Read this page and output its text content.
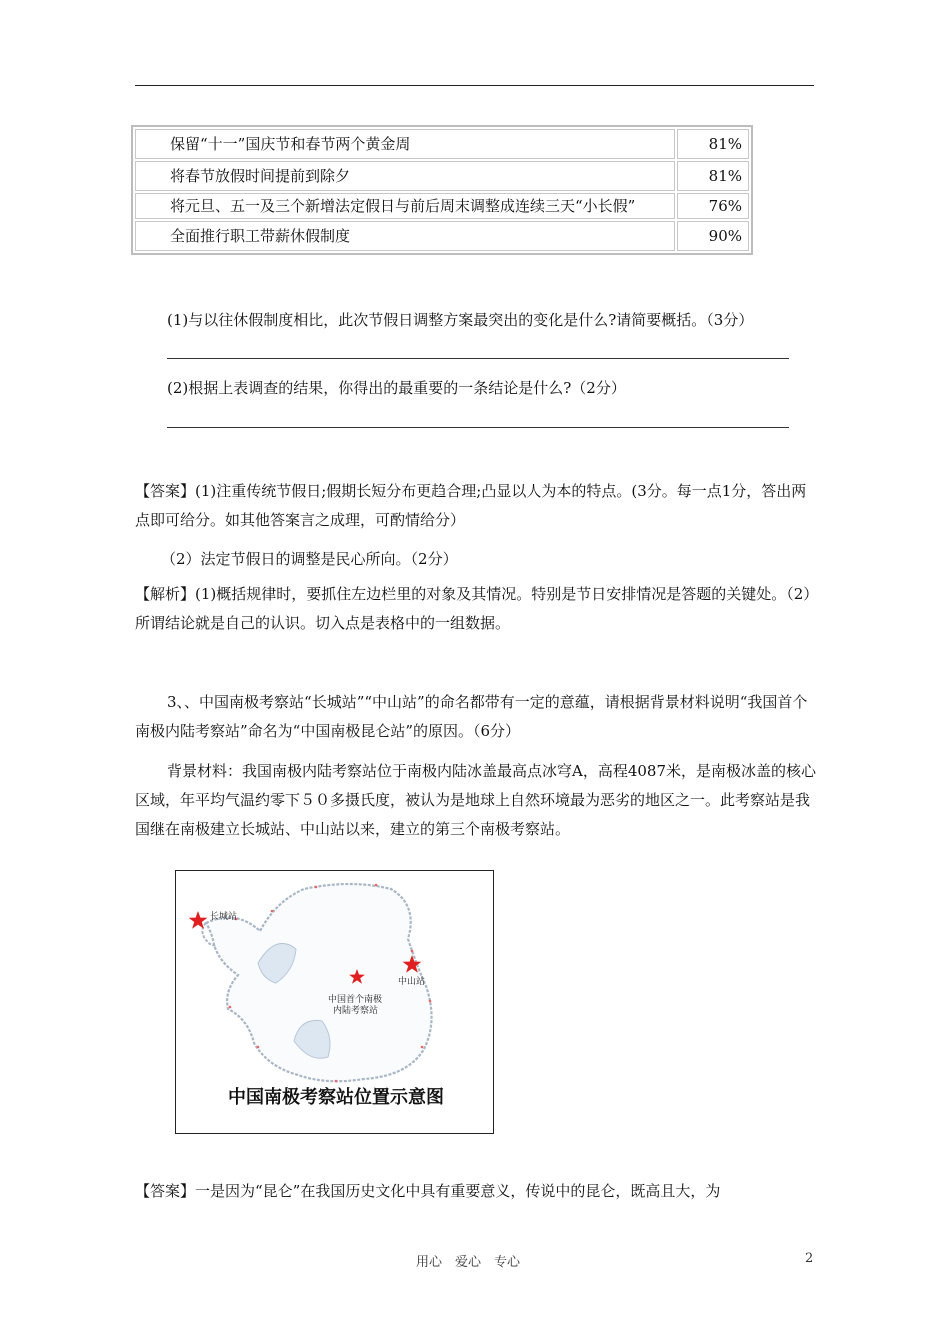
保留“十一”国庆节和春节两个黄金周	81%
将春节放假时间提前到除夕	81%
将元旦、五一及三个新增法定假日与前后周末调整成连续三天“小长假”	76%
全面推行职工带薪休假制度	90%
(1)与以往休假制度相比，此次节假日调整方案最突出的变化是什么?请简要概括。（3分）
(2)根据上表调查的结果，你得出的最重要的一条结论是什么?（2分）
【答案】(1)注重传统节假日;假期长短分布更趋合理;凸显以人为本的特点。(3分。每一点1分，答出两点即可给分。如其他答案言之成理，可酌情给分）
（2）法定节假日的调整是民心所向。（2分）
【解析】(1)概括规律时，要抓住左边栏里的对象及其情况。特别是节日安排情况是答题的关键处。（2）所谓结论就是自己的认识。切入点是表格中的一组数据。
3、、中国南极考察站“长城站”“中山站”的命名都带有一定的意蕴，请根据背景材料说明“我国首个南极内陆考察站”命名为“中国南极昆仑站”的原因。（6分）
背景材料：我国南极内陆考察站位于南极内陆冰盖最高点冰穹A，高程4087米，是南极冰盖的核心区域，年平均气温约零下５０多摄氏度，被认为是地球上自然环境最为恶劣的地区之一。此考察站是我国继在南极建立长城站、中山站以来，建立的第三个南极考察站。
长城站
中山站
中国首个南极
内陆考察站
中国南极考察站位置示意图
【答案】一是因为“昆仑”在我国历史文化中具有重要意义，传说中的昆仑，既高且大，为
用心　爱心　专心	2
